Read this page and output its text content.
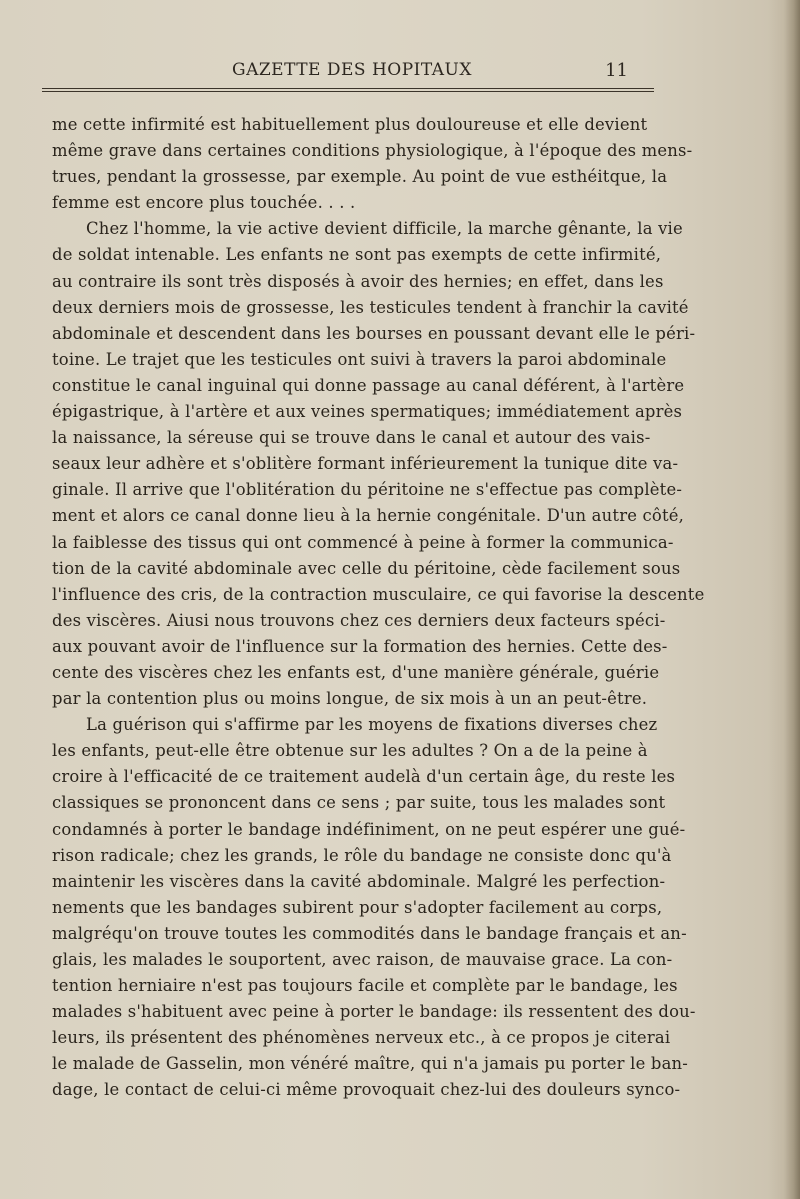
GAZETTE DES HOPITAUX	11
me cette infirmité est habituellement plus douloureuse et elle devient
même grave dans certaines conditions physiologique, à l'époque des mens-
trues, pendant la grossesse, par exemple. Au point de vue esthéitque, la
femme est encore plus touchée. . . .
Chez l'homme, la vie active devient difficile, la marche gênante, la vie
de soldat intenable. Les enfants ne sont pas exempts de cette infirmité,
au contraire ils sont très disposés à avoir des hernies; en effet, dans les
deux derniers mois de grossesse, les testicules tendent à franchir la cavité
abdominale et descendent dans les bourses en poussant devant elle le péri-
toine. Le trajet que les testicules ont suivi à travers la paroi abdominale
constitue le canal inguinal qui donne passage au canal déférent, à l'artère
épigastrique, à l'artère et aux veines spermatiques; immédiatement après
la naissance, la séreuse qui se trouve dans le canal et autour des vais-
seaux leur adhère et s'oblitère formant inférieurement la tunique dite va-
ginale. Il arrive que l'oblitération du péritoine ne s'effectue pas complète-
ment et alors ce canal donne lieu à la hernie congénitale. D'un autre côté,
la faiblesse des tissus qui ont commencé à peine à former la communica-
tion de la cavité abdominale avec celle du péritoine, cède facilement sous
l'influence des cris, de la contraction musculaire, ce qui favorise la descente
des viscères. Aiusi nous trouvons chez ces derniers deux facteurs spéci-
aux pouvant avoir de l'influence sur la formation des hernies. Cette des-
cente des viscères chez les enfants est, d'une manière générale, guérie
par la contention plus ou moins longue, de six mois à un an peut-être.
La guérison qui s'affirme par les moyens de fixations diverses chez
les enfants, peut-elle être obtenue sur les adultes ? On a de la peine à
croire à l'efficacité de ce traitement audelà d'un certain âge, du reste les
classiques se prononcent dans ce sens ; par suite, tous les malades sont
condamnés à porter le bandage indéfiniment, on ne peut espérer une gué-
rison radicale; chez les grands, le rôle du bandage ne consiste donc qu'à
maintenir les viscères dans la cavité abdominale. Malgré les perfection-
nements que les bandages subirent pour s'adopter facilement au corps,
malgréqu'on trouve toutes les commodités dans le bandage français et an-
glais, les malades le souportent, avec raison, de mauvaise grace. La con-
tention herniaire n'est pas toujours facile et complète par le bandage, les
malades s'habituent avec peine à porter le bandage: ils ressentent des dou-
leurs, ils présentent des phénomènes nerveux etc., à ce propos je citerai
le malade de Gasselin, mon vénéré maître, qui n'a jamais pu porter le ban-
dage, le contact de celui-ci même provoquait chez-lui des douleurs synco-
